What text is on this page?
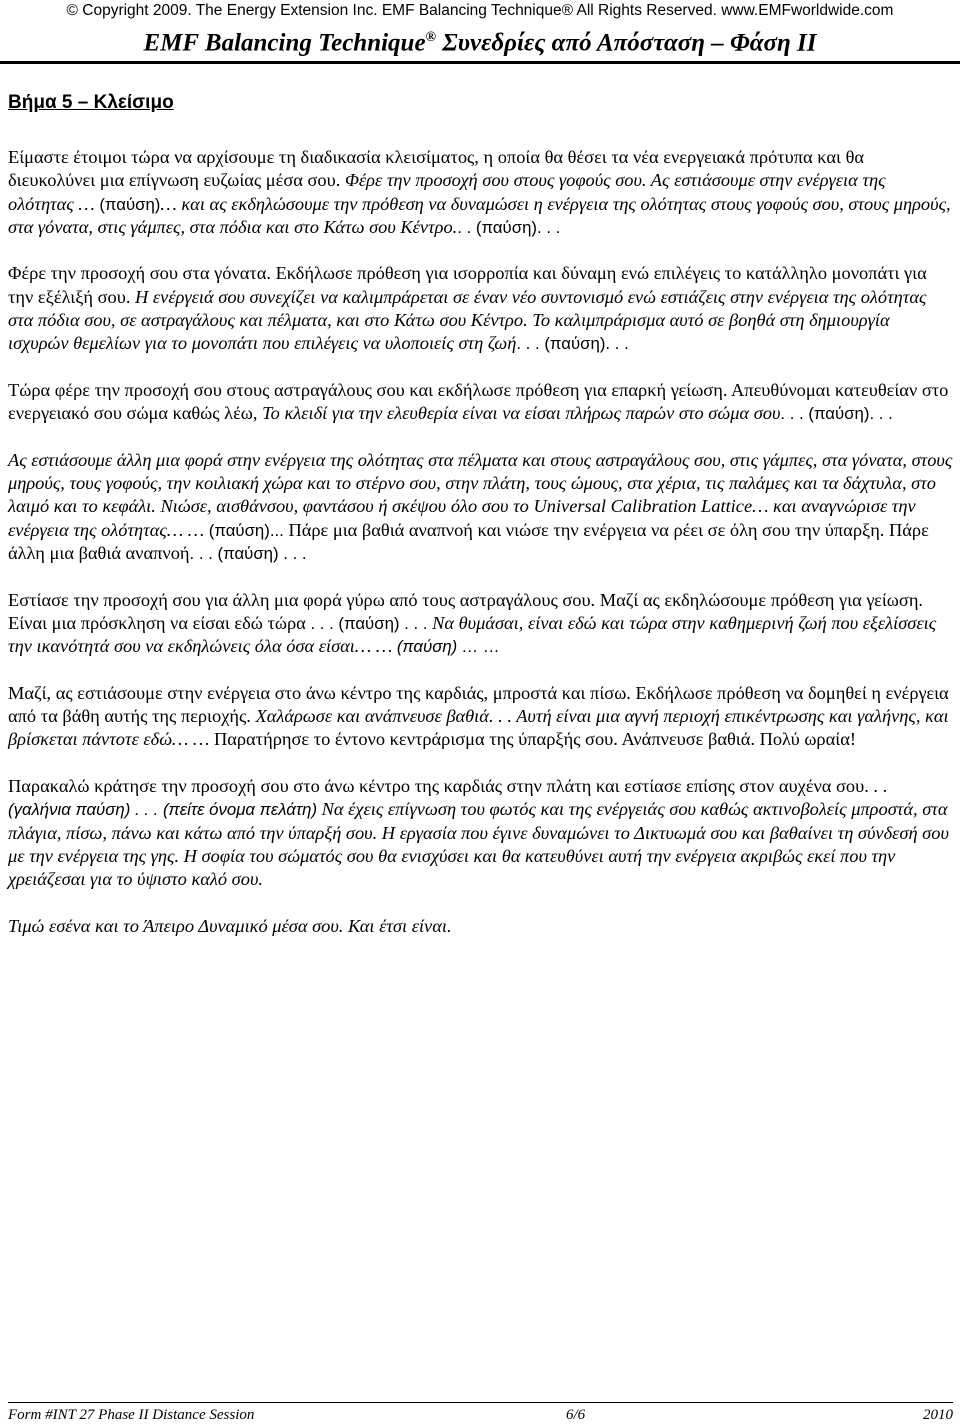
© Copyright 2009. The Energy Extension Inc. EMF Balancing Technique® All Rights Reserved. www.EMFworldwide.com
EMF Balancing Technique® Συνεδρίες από Απόσταση – Φάση ΙΙ
Βήμα 5 – Κλείσιμο

Είμαστε έτοιμοι τώρα να αρχίσουμε τη διαδικασία κλεισίματος, η οποία θα θέσει τα νέα ενεργειακά πρότυπα και θα διευκολύνει μια επίγνωση ευζωίας μέσα σου. Φέρε την προσοχή σου στους γοφούς σου. Ας εστιάσουμε στην ενέργεια της ολότητας … (παύση)… και ας εκδηλώσουμε την πρόθεση να δυναμώσει η ενέργεια της ολότητας στους γοφούς σου, στους μηρούς, στα γόνατα, στις γάμπες, στα πόδια και στο Κάτω σου Κέντρο.. . (παύση). . .

Φέρε την προσοχή σου στα γόνατα. Εκδήλωσε πρόθεση για ισορροπία και δύναμη ενώ επιλέγεις το κατάλληλο μονοπάτι για την εξέλιξή σου. Η ενέργειά σου συνεχίζει να καλιμπράρεται σε έναν νέο συντονισμό ενώ εστιάζεις στην ενέργεια της ολότητας στα πόδια σου, σε αστραγάλους και πέλματα, και στο Κάτω σου Κέντρο. Το καλιμπράρισμα αυτό σε βοηθά στη δημιουργία ισχυρών θεμελίων για το μονοπάτι που επιλέγεις να υλοποιείς στη ζωή. . . (παύση). . .

Τώρα φέρε την προσοχή σου στους αστραγάλους σου και εκδήλωσε πρόθεση για επαρκή γείωση. Απευθύνομαι κατευθείαν στο ενεργειακό σου σώμα καθώς λέω, Το κλειδί για την ελευθερία είναι να είσαι πλήρως παρών στο σώμα σου. . . (παύση). . .

Ας εστιάσουμε άλλη μια φορά στην ενέργεια της ολότητας στα πέλματα και στους αστραγάλους σου, στις γάμπες, στα γόνατα, στους μηρούς, τους γοφούς, την κοιλιακή χώρα και το στέρνο σου, στην πλάτη, τους ώμους, στα χέρια, τις παλάμες και τα δάχτυλα, στο λαιμό και το κεφάλι. Νιώσε, αισθάνσου, φαντάσου ή σκέψου όλο σου το Universal Calibration Lattice… και αναγνώρισε την ενέργεια της ολότητας… … (παύση)... Πάρε μια βαθιά αναπνοή και νιώσε την ενέργεια να ρέει σε όλη σου την ύπαρξη. Πάρε άλλη μια βαθιά αναπνοή. . . (παύση) . . .

Εστίασε την προσοχή σου για άλλη μια φορά γύρω από τους αστραγάλους σου. Μαζί ας εκδηλώσουμε πρόθεση για γείωση. Είναι μια πρόσκληση να είσαι εδώ τώρα . . . (παύση) . . . Να θυμάσαι, είναι εδώ και τώρα στην καθημερινή ζωή που εξελίσσεις την ικανότητά σου να εκδηλώνεις όλα όσα είσαι… … (παύση) … …

Μαζί, ας εστιάσουμε στην ενέργεια στο άνω κέντρο της καρδιάς, μπροστά και πίσω. Εκδήλωσε πρόθεση να δομηθεί η ενέργεια από τα βάθη αυτής της περιοχής. Χαλάρωσε και ανάπνευσε βαθιά. . . Αυτή είναι μια αγνή περιοχή επικέντρωσης και γαλήνης, και βρίσκεται πάντοτε εδώ… … Παρατήρησε το έντονο κεντράρισμα της ύπαρξής σου. Ανάπνευσε βαθιά. Πολύ ωραία!

Παρακαλώ κράτησε την προσοχή σου στο άνω κέντρο της καρδιάς στην πλάτη και εστίασε επίσης στον αυχένα σου. . . (γαλήνια παύση) . . . (πείτε όνομα πελάτη) Να έχεις επίγνωση του φωτός και της ενέργειάς σου καθώς ακτινοβολείς μπροστά, στα πλάγια, πίσω, πάνω και κάτω από την ύπαρξή σου. Η εργασία που έγινε δυναμώνει το Δικτυωμά σου και βαθαίνει τη σύνδεσή σου με την ενέργεια της γης. Η σοφία του σώματός σου θα ενισχύσει και θα κατευθύνει αυτή την ενέργεια ακριβώς εκεί που την χρειάζεσαι για το ύψιστο καλό σου.

Τιμώ εσένα και το Άπειρο Δυναμικό μέσα σου. Και έτσι είναι.

Form #INT 27 Phase II Distance Session	6/6	2010
